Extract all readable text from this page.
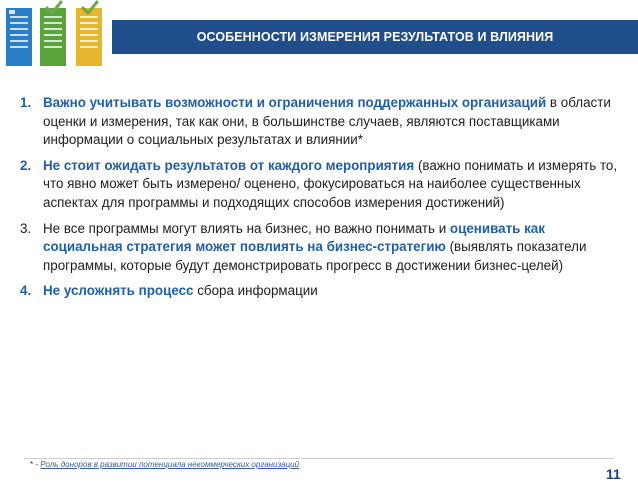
ОСОБЕННОСТИ ИЗМЕРЕНИЯ РЕЗУЛЬТАТОВ И ВЛИЯНИЯ
1. Важно учитывать возможности и ограничения поддержанных организаций в области оценки и измерения, так как они, в большинстве случаев, являются поставщиками информации о социальных результатах и влиянии*
2. Не стоит ожидать результатов от каждого мероприятия (важно понимать и измерять то, что явно может быть измерено/ оценено, фокусироваться на наиболее существенных аспектах для программы и подходящих способов измерения достижений)
3. Не все программы могут влиять на бизнес, но важно понимать и оценивать как социальная стратегия может повлиять на бизнес-стратегию (выявлять показатели программы, которые будут демонстрировать прогресс в достижении бизнес-целей)
4. Не усложнять процесс сбора информации
* - Роль доноров в развитии потенциала некоммерческих организаций
11
